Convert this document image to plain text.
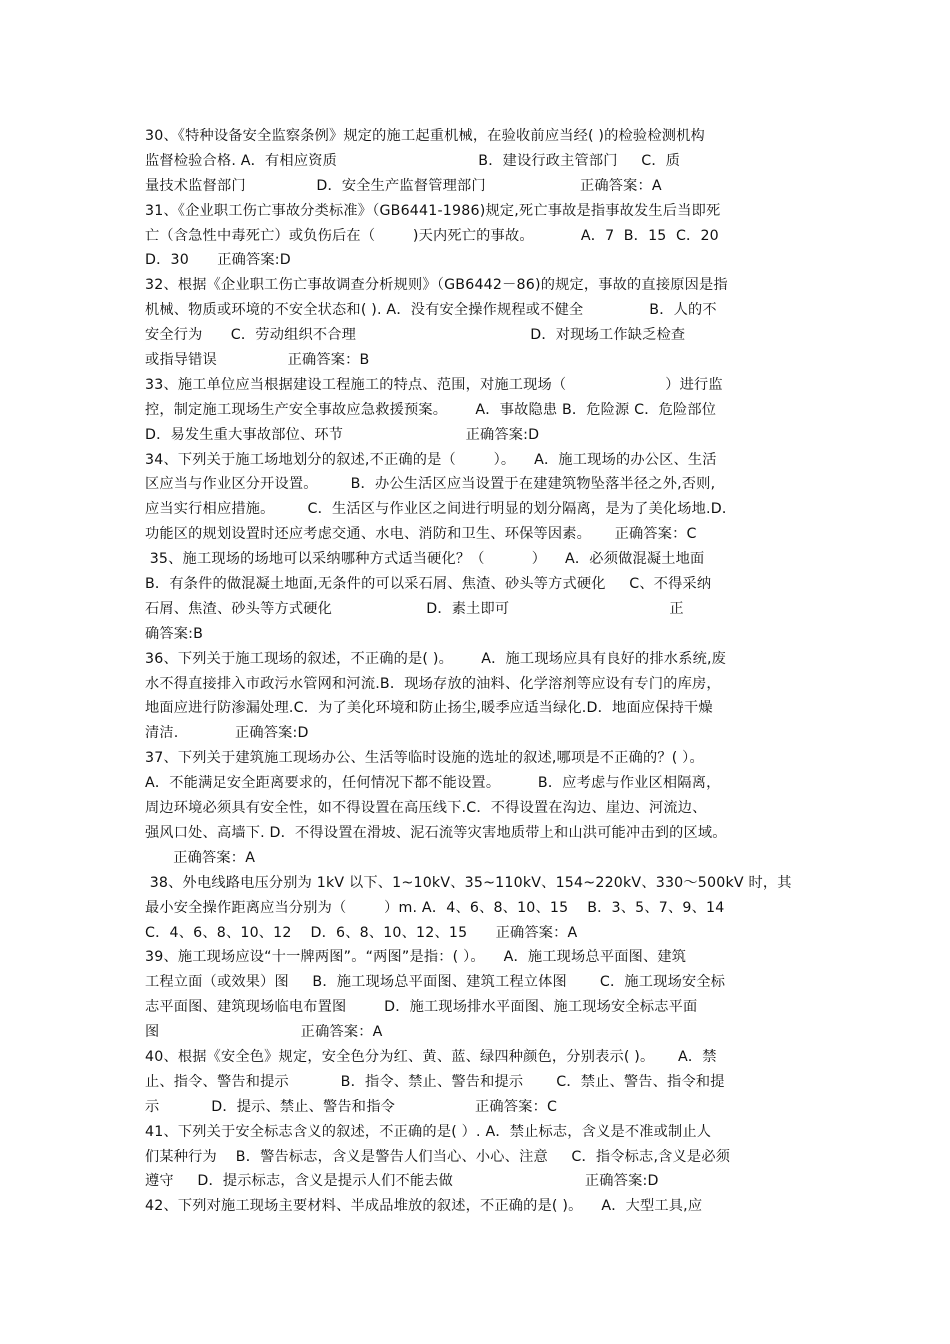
30、《特种设备安全监察条例》规定的施工起重机械，在验收前应当经( )的检验检测机构
监督检验合格. A．有相应资质                              B．建设行政主管部门     C．质
量技术监督部门               D．安全生产监督管理部门                    正确答案：A
31、《企业职工伤亡事故分类标准》（GB6441-1986)规定,死亡事故是指事故发生后当即死
亡（含急性中毒死亡）或负伤后在（        )天内死亡的事故。          A．7  B．15  C．20
D．30      正确答案:D
32、根据《企业职工伤亡事故调查分析规则》（GB6442－86)的规定，事故的直接原因是指
机械、物质或环境的不安全状态和( ). A．没有安全操作规程或不健全              B．人的不
安全行为      C．劳动组织不合理                                     D．对现场工作缺乏检查
或指导错误               正确答案：B
33、施工单位应当根据建设工程施工的特点、范围，对施工现场（                     ）进行监
控，制定施工现场生产安全事故应急救援预案。      A．事故隐患 B．危险源 C．危险部位
D．易发生重大事故部位、环节                          正确答案:D
34、下列关于施工场地划分的叙述,不正确的是（        ）。    A．施工现场的办公区、生活
区应当与作业区分开设置。       B．办公生活区应当设置于在建建筑物坠落半径之外,否则,
应当实行相应措施。       C．生活区与作业区之间进行明显的划分隔离，是为了美化场地.D．
功能区的规划设置时还应考虑交通、水电、消防和卫生、环保等因素。     正确答案：C
35、施工现场的场地可以采纳哪种方式适当硬化？（          ）    A．必须做混凝土地面
B．有条件的做混凝土地面,无条件的可以采石屑、焦渣、砂头等方式硬化     C、不得采纳
石屑、焦渣、砂头等方式硬化                    D．素土即可                                  正
确答案:B
36、下列关于施工现场的叙述，不正确的是( )。      A．施工现场应具有良好的排水系统,废
水不得直接排入市政污水管网和河流.B．现场存放的油料、化学溶剂等应设有专门的库房，
地面应进行防渗漏处理.C．为了美化环境和防止扬尘,暖季应适当绿化.D．地面应保持干燥
清洁.            正确答案:D
37、下列关于建筑施工现场办公、生活等临时设施的选址的叙述,哪项是不正确的？( ）。
A．不能满足安全距离要求的，任何情况下都不能设置。        B．应考虑与作业区相隔离，
周边环境必须具有安全性，如不得设置在高压线下.C．不得设置在沟边、崖边、河流边、
强风口处、高墙下. D．不得设置在滑坡、泥石流等灾害地质带上和山洪可能冲击到的区域。
正确答案：A
38、外电线路电压分别为 1kV 以下、1~10kV、35~110kV、154~220kV、330～500kV 时，其
最小安全操作距离应当分别为（        ）m. A．4、6、8、10、15    B．3、5、7、9、14
C．4、6、8、10、12    D．6、8、10、12、15      正确答案：A
39、施工现场应设“十一牌两图”。“两图”是指：( ）。    A．施工现场总平面图、建筑
工程立面（或效果）图     B．施工现场总平面图、建筑工程立体图       C．施工现场安全标
志平面图、建筑现场临电布置图        D．施工现场排水平面图、施工现场安全标志平面
图                              正确答案：A
40、根据《安全色》规定，安全色分为红、黄、蓝、绿四种颜色，分别表示( )。     A．禁
止、指令、警告和提示           B．指令、禁止、警告和提示       C．禁止、警告、指令和提
示           D．提示、禁止、警告和指令                 正确答案：C
41、下列关于安全标志含义的叙述，不正确的是( ）. A．禁止标志，含义是不准或制止人
们某种行为    B．警告标志，含义是警告人们当心、小心、注意     C．指令标志,含义是必须
遵守     D．提示标志，含义是提示人们不能去做                            正确答案:D
42、下列对施工现场主要材料、半成品堆放的叙述，不正确的是( )。    A．大型工具,应
